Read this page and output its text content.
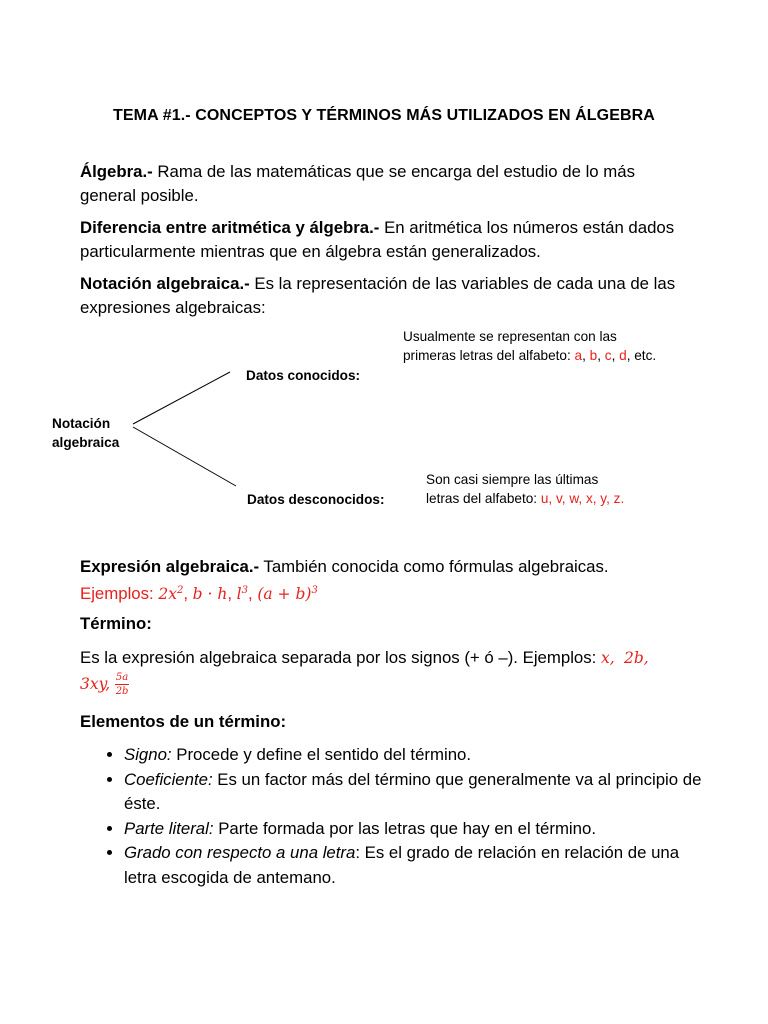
TEMA #1.- CONCEPTOS Y TÉRMINOS MÁS UTILIZADOS EN ÁLGEBRA
Álgebra.- Rama de las matemáticas que se encarga del estudio de lo más general posible.
Diferencia entre aritmética y álgebra.- En aritmética los números están dados particularmente mientras que en álgebra están generalizados.
Notación algebraica.- Es la representación de las variables de cada una de las expresiones algebraicas:
Notación
algebraica
Datos conocidos:
Usualmente se representan con las
primeras letras del alfabeto: a, b, c, d, etc.
Datos desconocidos:
Son casi siempre las últimas
letras del alfabeto: u, v, w, x, y, z.
Expresión algebraica.- También conocida como fórmulas algebraicas.
Ejemplos: $2x^2$, b · h, $l^3$, $(a + b)^3$
Término:
Es la expresión algebraica separada por los signos (+ ó –). Ejemplos: x, 2b,
3xy, $\frac{5a}{2b}$
Elementos de un término:
• Signo: Procede y define el sentido del término.
• Coeficiente: Es un factor más del término que generalmente va al principio de éste.
• Parte literal: Parte formada por las letras que hay en el término.
• Grado con respecto a una letra: Es el grado de relación en relación de una letra escogida de antemano.
